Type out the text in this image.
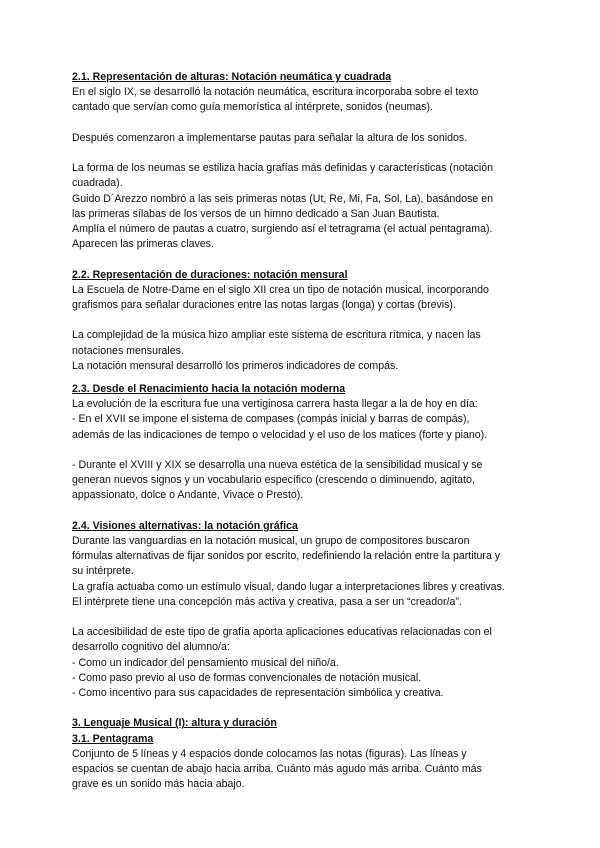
2.1. Representación de alturas: Notación neumática y cuadrada
En el siglo IX, se desarrolló la notación neumática, escritura incorporaba sobre el texto
cantado que servían como guía memorística al intérprete, sonidos (neumas).
Después comenzaron a implementarse pautas para señalar la altura de los sonidos.
La forma de los neumas se estiliza hacia grafías más definidas y características (notación
cuadrada).
Guido D´Arezzo nombró a las seis primeras notas (Ut, Re, Mi, Fa, Sol, La), basándose en
las primeras sílabas de los versos de un himno dedicado a San Juan Bautista.
Amplía el número de pautas a cuatro, surgiendo así el tetragrama (el actual pentagrama).
Aparecen las primeras claves.
2.2. Representación de duraciones: notación mensural
La Escuela de Notre-Dame en el siglo XII crea un tipo de notación musical, incorporando
grafismos para señalar duraciones entre las notas largas (longa) y cortas (brevis).
La complejidad de la música hizo ampliar este sistema de escritura rítmica, y nacen las
notaciones mensurales.
La notación mensural desarrolló los primeros indicadores de compás.
2.3. Desde el Renacimiento hacia la notación moderna
La evolución de la escritura fue una vertiginosa carrera hasta llegar a la de hoy en día:
- En el XVII se impone el sistema de compases (compás inicial y barras de compás),
además de las indicaciones de tempo o velocidad y el uso de los matices (forte y piano).
- Durante el XVIII y XIX se desarrolla una nueva estética de la sensibilidad musical y se
generan nuevos signos y un vocabulario específico (crescendo o diminuendo, agitato,
appassionato, dolce o Andante, Vivace o Presto).
2.4. Visiones alternativas: la notación gráfica
Durante las vanguardias en la notación musical, un grupo de compositores buscaron
fórmulas alternativas de fijar sonidos por escrito, redefiniendo la relación entre la partitura y
su intérprete.
La grafía actuaba como un estímulo visual, dando lugar a interpretaciones libres y creativas.
El intérprete tiene una concepción más activa y creativa, pasa a ser un “creador/a”.
La accesibilidad de este tipo de grafía aporta aplicaciones educativas relacionadas con el
desarrollo cognitivo del alumno/a:
- Como un indicador del pensamiento musical del niño/a.
- Como paso previo al uso de formas convencionales de notación musical.
- Como incentivo para sus capacidades de representación simbólica y creativa.
3. Lenguaje Musical (I): altura y duración
3.1. Pentagrama
Conjunto de 5 líneas y 4 espacios donde colocamos las notas (figuras). Las líneas y
espacios se cuentan de abajo hacia arriba. Cuánto más agudo más arriba. Cuánto más
grave es un sonido más hacia abajo.
